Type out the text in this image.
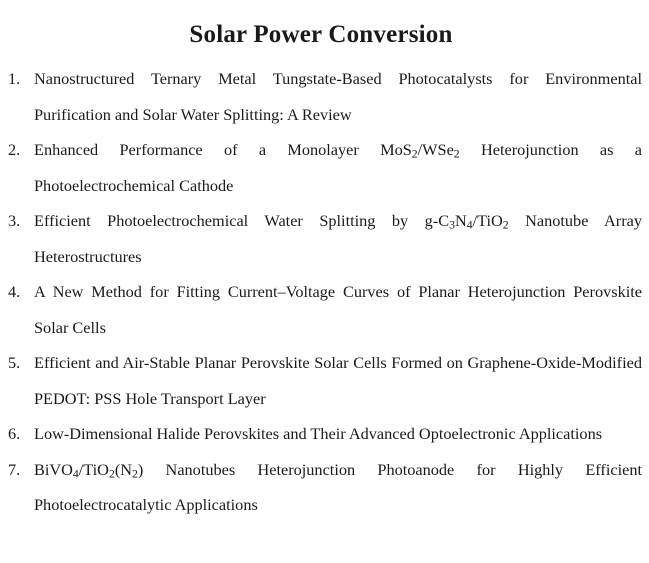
Solar Power Conversion
1. Nanostructured Ternary Metal Tungstate-Based Photocatalysts for Environmental Purification and Solar Water Splitting: A Review
2. Enhanced Performance of a Monolayer MoS$_2$/WSe$_2$ Heterojunction as a Photoelectrochemical Cathode
3. Efficient Photoelectrochemical Water Splitting by $g-C_3N_4/TiO_2$ Nanotube Array Heterostructures
4. A New Method for Fitting Current–Voltage Curves of Planar Heterojunction Perovskite Solar Cells
5. Efficient and Air-Stable Planar Perovskite Solar Cells Formed on Graphene-Oxide-Modified PEDOT: PSS Hole Transport Layer
6. Low-Dimensional Halide Perovskites and Their Advanced Optoelectronic Applications
7. $BiVO_4/TiO_2(N_2)$ Nanotubes Heterojunction Photoanode for Highly Efficient Photoelectrocatalytic Applications
